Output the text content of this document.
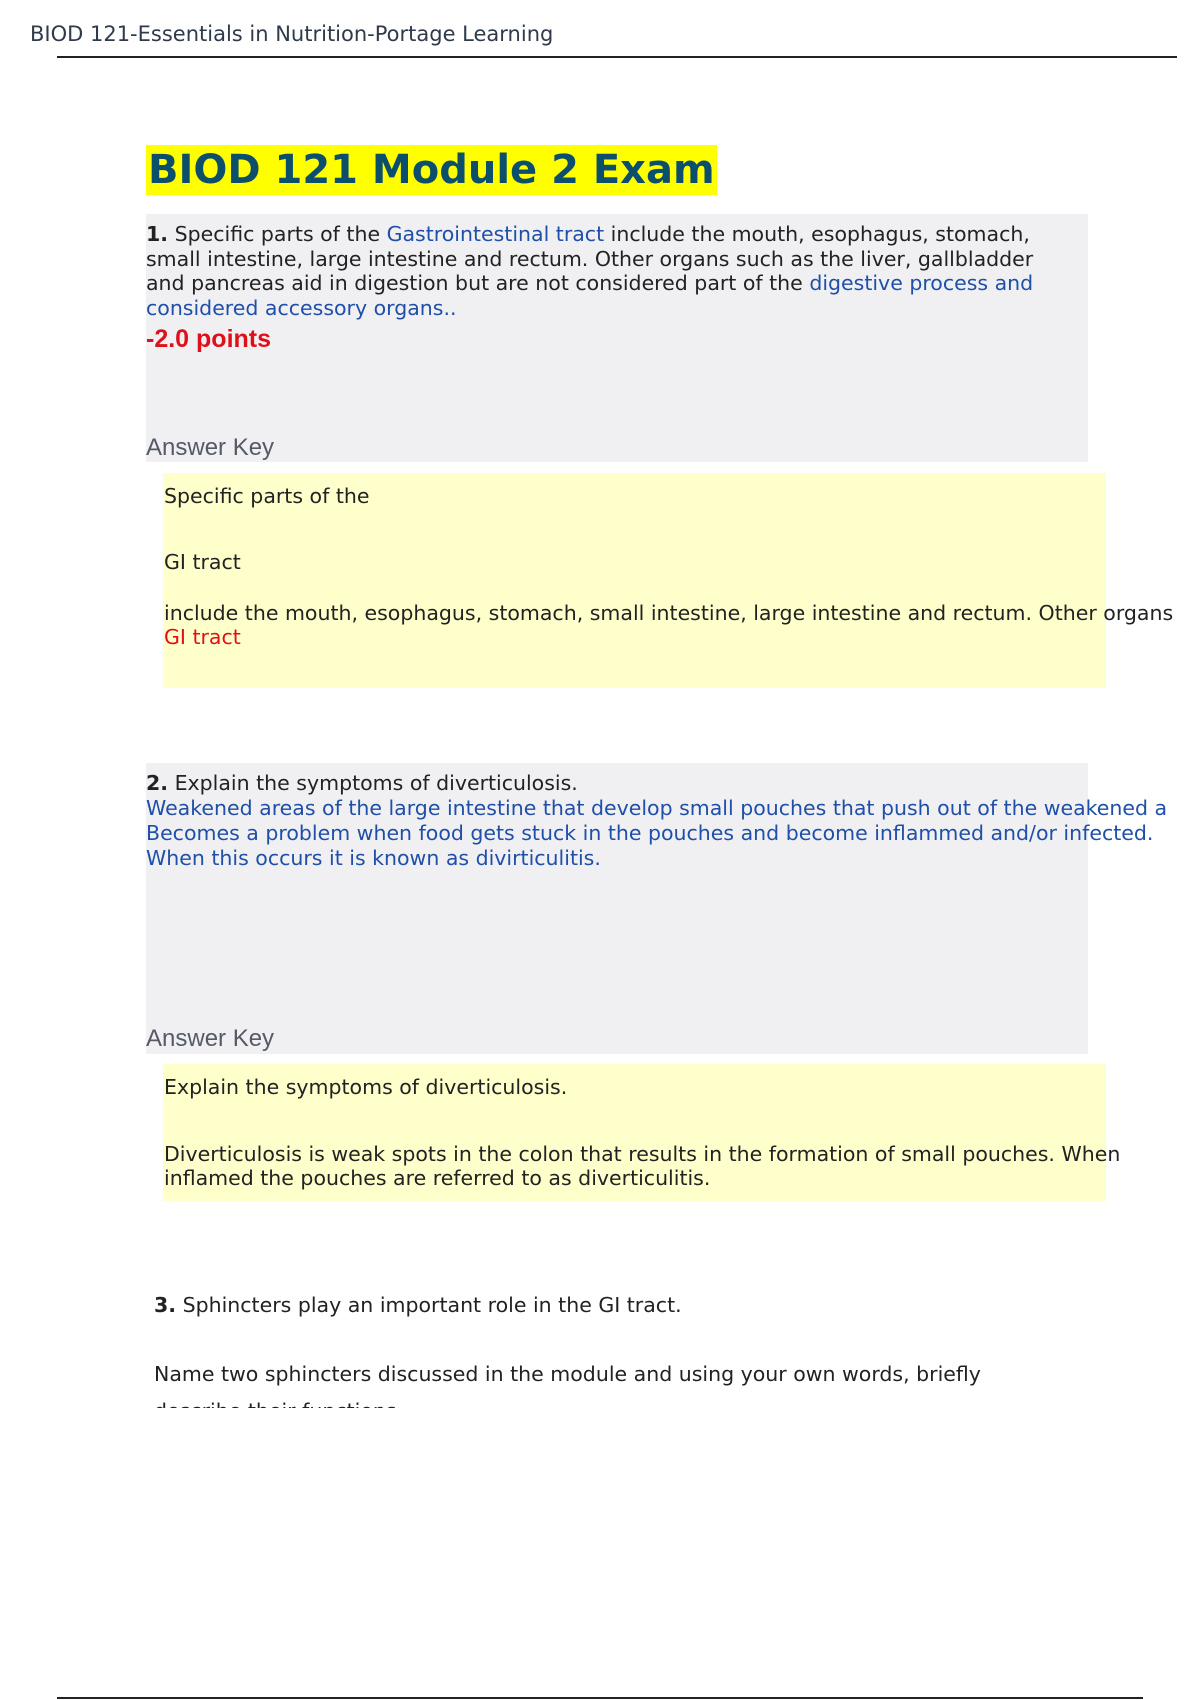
BIOD 121-Essentials in Nutrition-Portage Learning
BIOD 121 Module 2 Exam
1. Specific parts of the Gastrointestinal tract include the mouth, esophagus, stomach,
small intestine, large intestine and rectum. Other organs such as the liver, gallbladder
and pancreas aid in digestion but are not considered part of the digestive process and
considered accessory organs..
-2.0 points
Answer Key
Specific parts of the
GI tract
include the mouth, esophagus, stomach, small intestine, large intestine and rectum. Other organs
GI tract
2. Explain the symptoms of diverticulosis.
Weakened areas of the large intestine that develop small pouches that push out of the weakened a
Becomes a problem when food gets stuck in the pouches and become inflammed and/or infected.
When this occurs it is known as divirticulitis.
Answer Key
Explain the symptoms of diverticulosis.
Diverticulosis is weak spots in the colon that results in the formation of small pouches. When
inflamed the pouches are referred to as diverticulitis.
3. Sphincters play an important role in the GI tract.
Name two sphincters discussed in the module and using your own words, briefly
